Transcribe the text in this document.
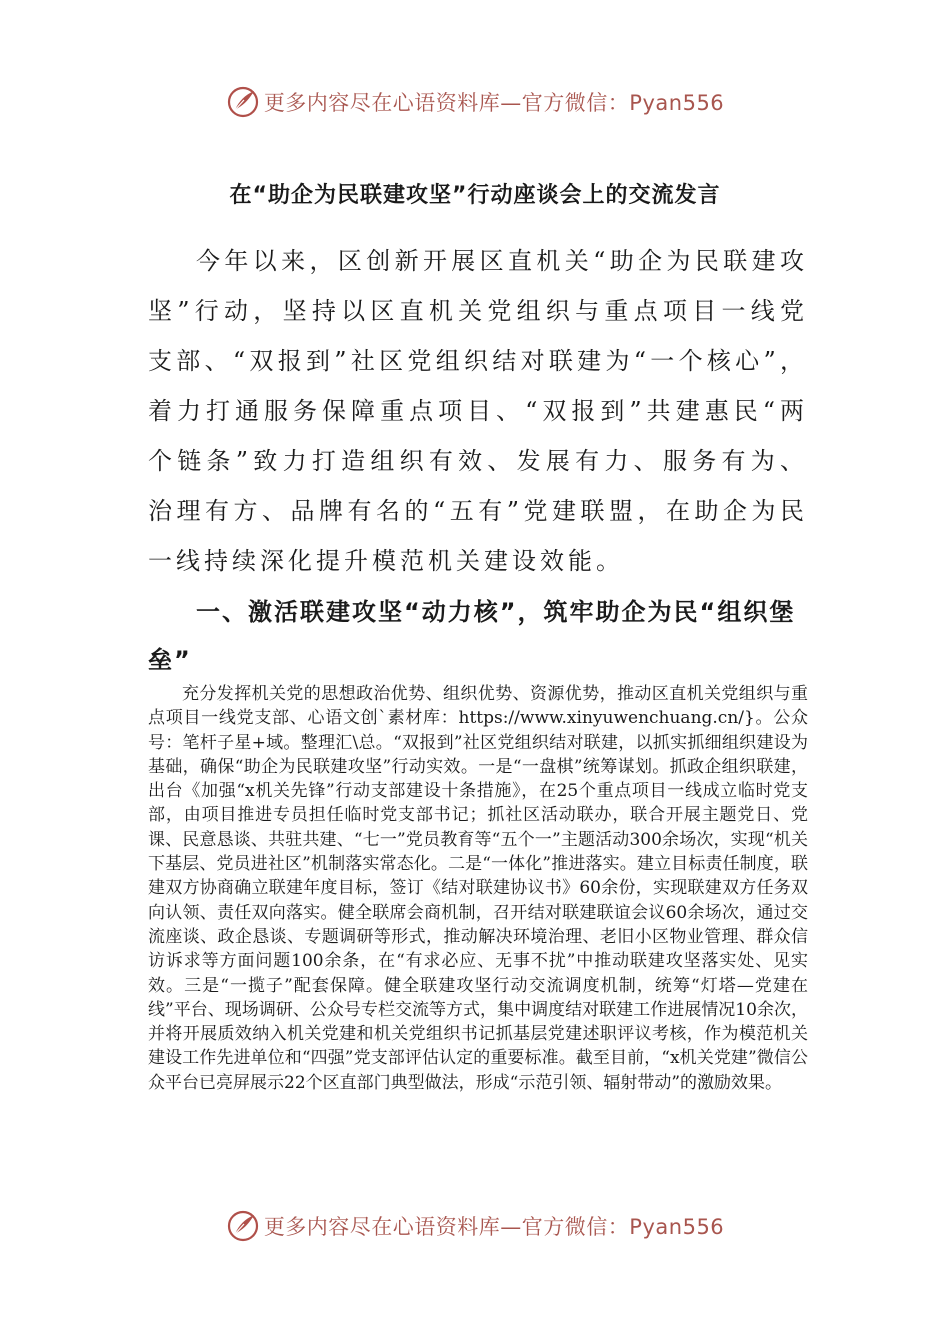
更多内容尽在心语资料库—官方微信：Pyan556
在“助企为民联建攻坚”行动座谈会上的交流发言

今年以来，区创新开展区直机关“助企为民联建攻坚”行动，坚持以区直机关党组织与重点项目一线党支部、“双报到”社区党组织结对联建为“一个核心”，着力打通服务保障重点项目、“双报到”共建惠民“两个链条”致力打造组织有效、发展有力、服务有为、治理有方、品牌有名的“五有”党建联盟，在助企为民一线持续深化提升模范机关建设效能。

一、激活联建攻坚“动力核”，筑牢助企为民“组织堡垒”

充分发挥机关党的思想政治优势、组织优势、资源优势，推动区直机关党组织与重点项目一线党支部、心语文创`素材库：https://www.xinyuwenchuang.cn/}。公众号：笔杆子星+域。整理汇\总。“双报到”社区党组织结对联建，以抓实抓细组织建设为基础，确保“助企为民联建攻坚”行动实效。一是“一盘棋”统筹谋划。抓政企组织联建，出台《加强“x机关先锋”行动支部建设十条措施》，在25个重点项目一线成立临时党支部，由项目推进专员担任临时党支部书记；抓社区活动联办，联合开展主题党日、党课、民意恳谈、共驻共建、“七一”党员教育等“五个一”主题活动300余场次，实现“机关下基层、党员进社区”机制落实常态化。二是“一体化”推进落实。建立目标责任制度，联建双方协商确立联建年度目标，签订《结对联建协议书》60余份，实现联建双方任务双向认领、责任双向落实。健全联席会商机制，召开结对联建联谊会议60余场次，通过交流座谈、政企恳谈、专题调研等形式，推动解决环境治理、老旧小区物业管理、群众信访诉求等方面问题100余条，在“有求必应、无事不扰”中推动联建攻坚落实处、见实效。三是“一揽子”配套保障。健全联建攻坚行动交流调度机制，统筹“灯塔—党建在线”平台、现场调研、公众号专栏交流等方式，集中调度结对联建工作进展情况10余次，并将开展质效纳入机关党建和机关党组织书记抓基层党建述职评议考核，作为模范机关建设工作先进单位和“四强”党支部评估认定的重要标准。截至目前，“x机关党建”微信公众平台已亮屏展示22个区直部门典型做法，形成“示范引领、辐射带动”的激励效果。

更多内容尽在心语资料库—官方微信：Pyan556
